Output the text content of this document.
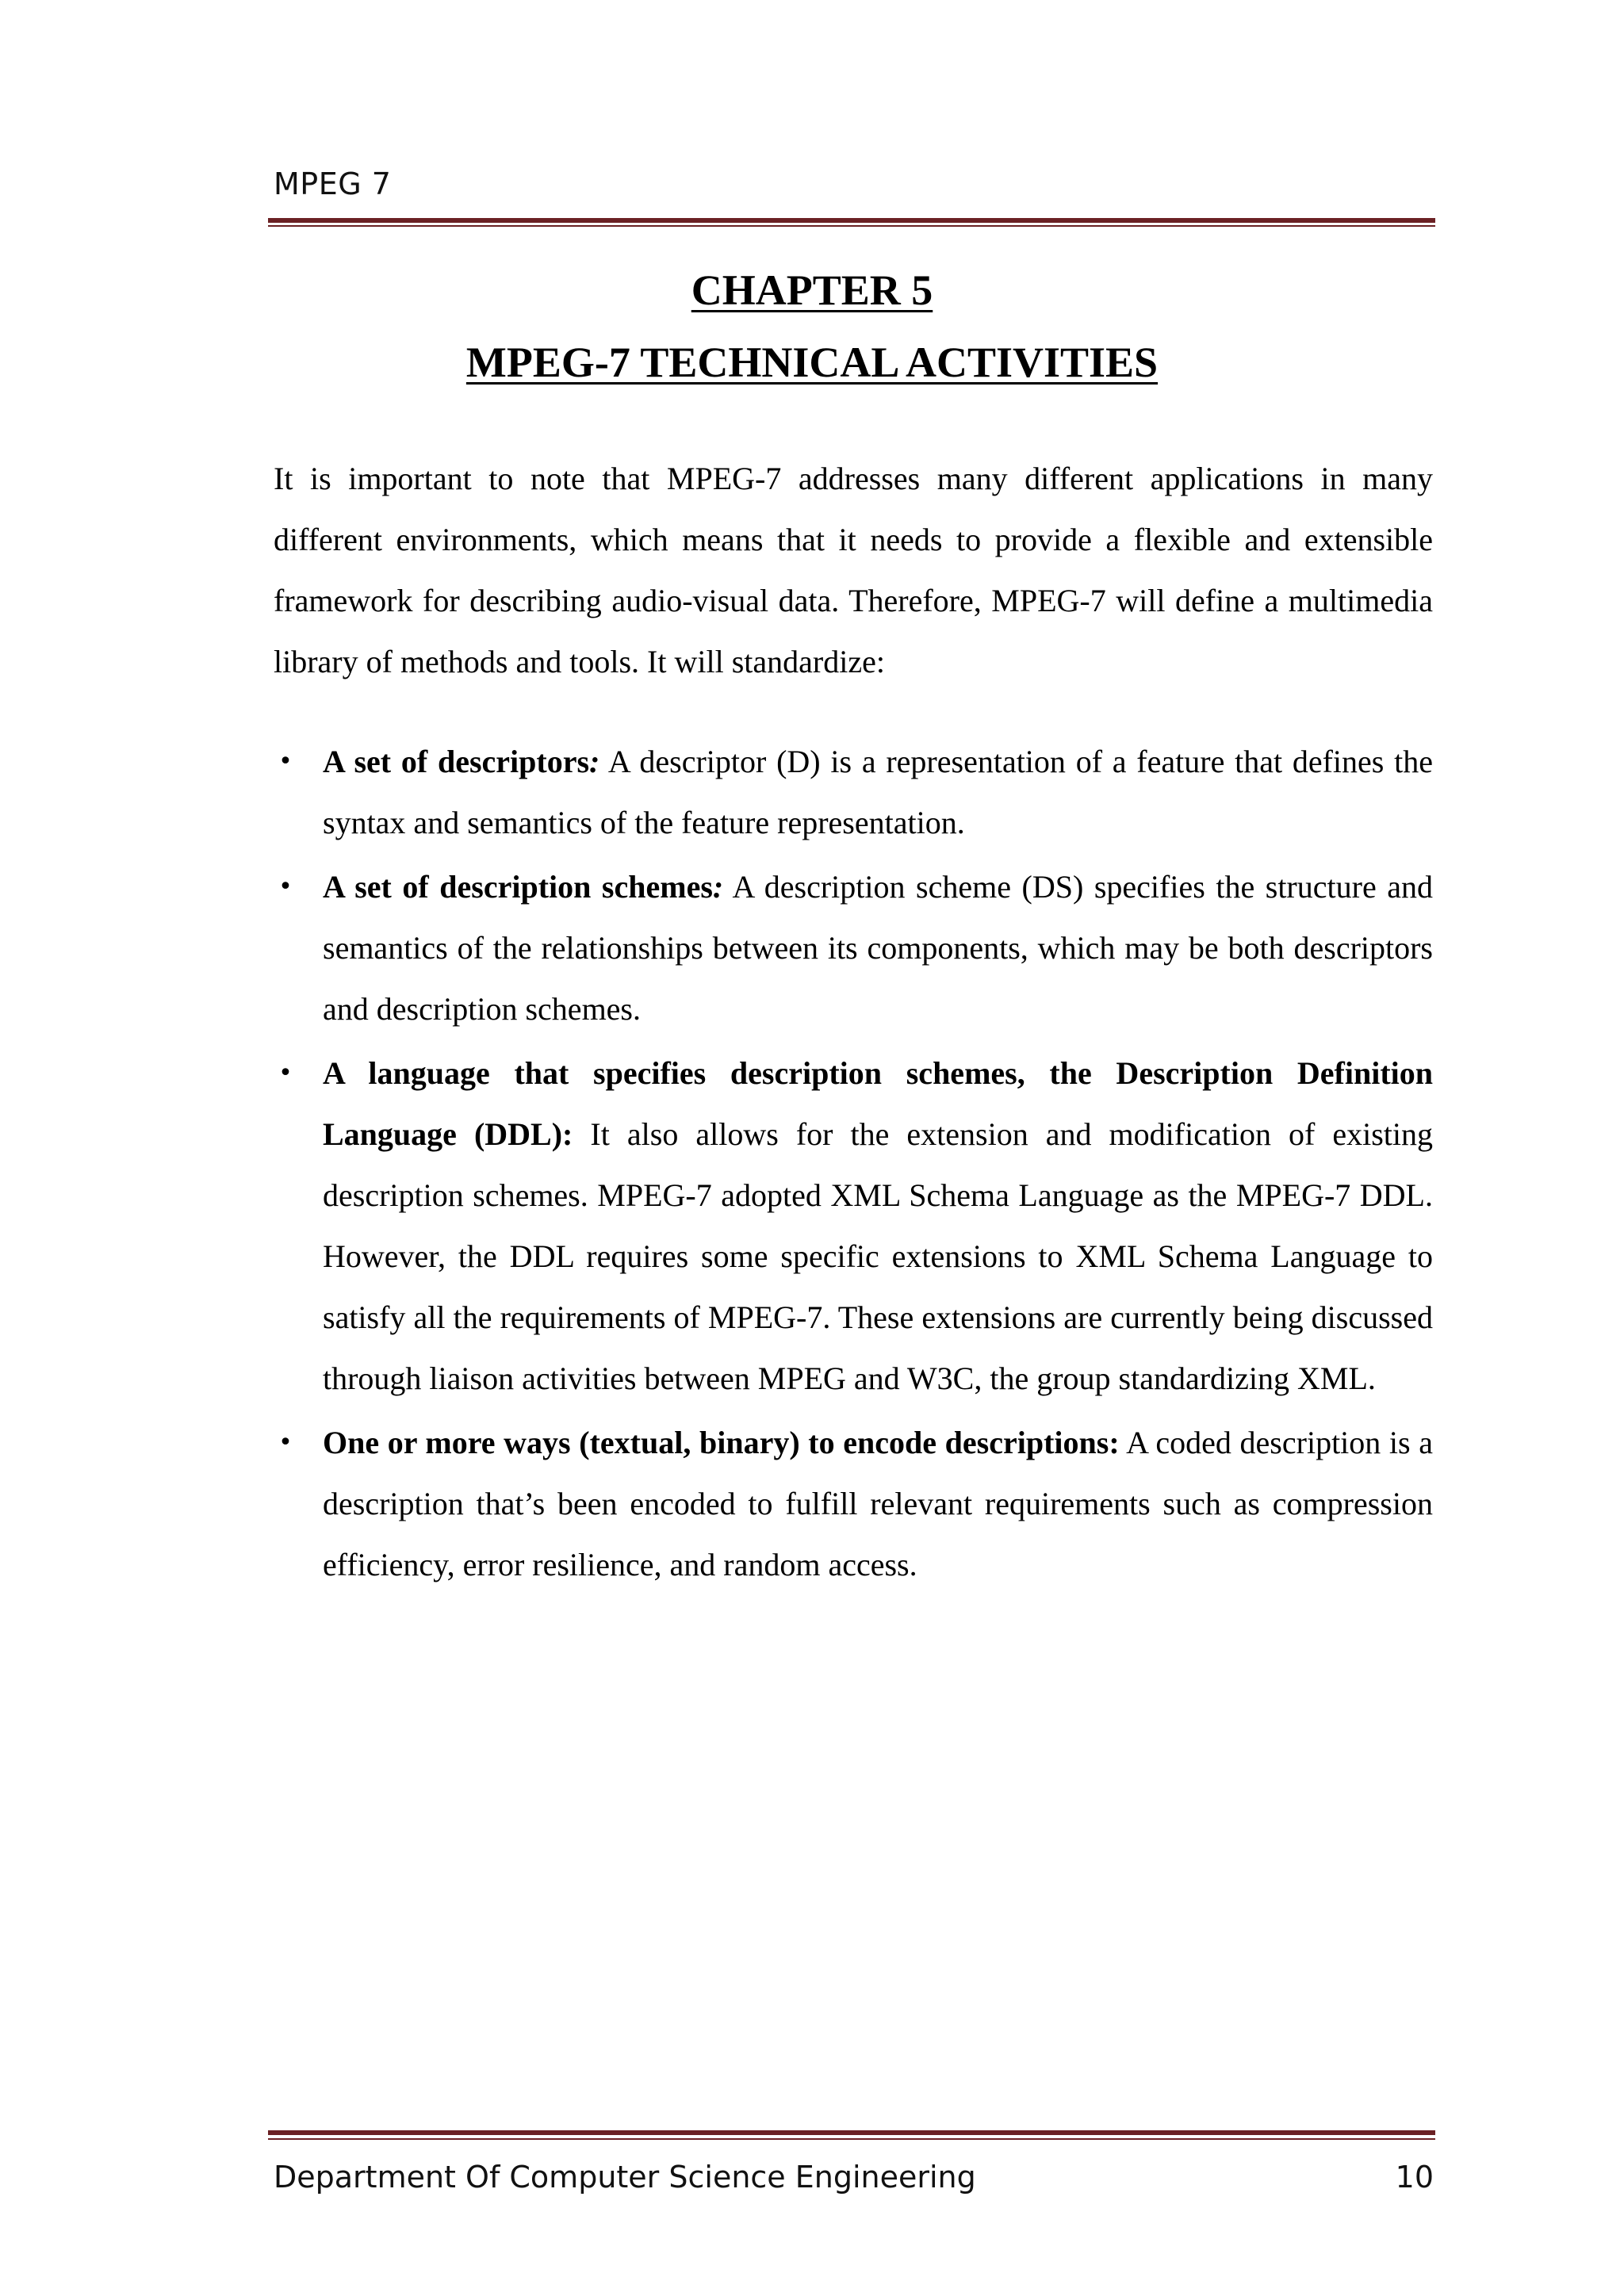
MPEG 7
CHAPTER 5
MPEG-7 TECHNICAL ACTIVITIES

It is important to note that MPEG-7 addresses many different applications in many different environments, which means that it needs to provide a flexible and extensible framework for describing audio-visual data. Therefore, MPEG-7 will define a multimedia library of methods and tools. It will standardize:

• A set of descriptors: A descriptor (D) is a representation of a feature that defines the syntax and semantics of the feature representation.
• A set of description schemes: A description scheme (DS) specifies the structure and semantics of the relationships between its components, which may be both descriptors and description schemes.
• A language that specifies description schemes, the Description Definition Language (DDL): It also allows for the extension and modification of existing description schemes. MPEG-7 adopted XML Schema Language as the MPEG-7 DDL. However, the DDL requires some specific extensions to XML Schema Language to satisfy all the requirements of MPEG-7. These extensions are currently being discussed through liaison activities between MPEG and W3C, the group standardizing XML.
• One or more ways (textual, binary) to encode descriptions: A coded description is a description that’s been encoded to fulfill relevant requirements such as compression efficiency, error resilience, and random access.
Department Of Computer Science Engineering	10
